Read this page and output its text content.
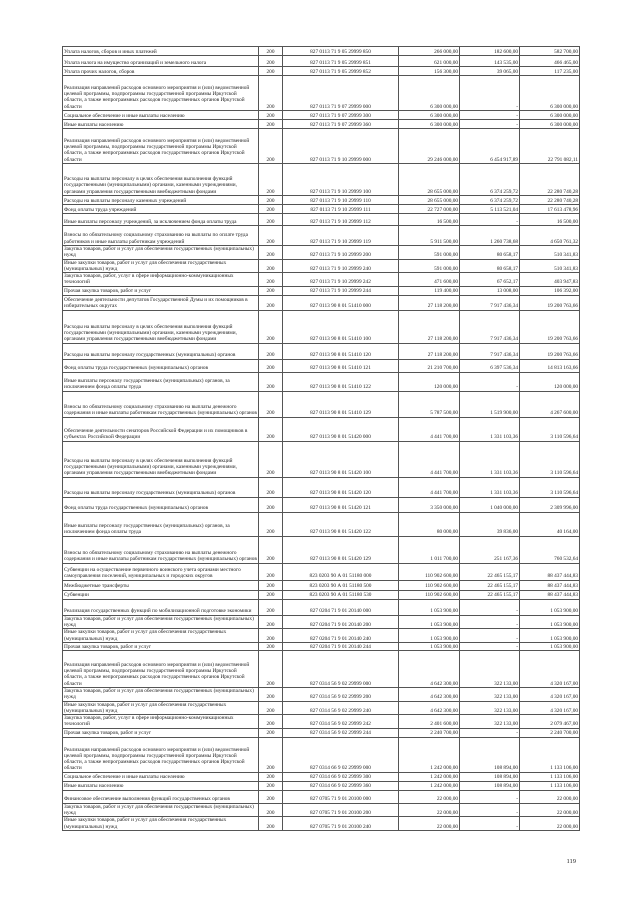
Уплата налогов, сборов и иных платежей	200	827 0113 71 9 05 29999 850	266 000,00	182 600,00	582 700,00
Уплата налога на имущество организаций и земельного налога	200	827 0113 71 9 05 29999 851	621 000,00	143 535,00	466 465,00
Уплата прочих налогов, сборов	200	827 0113 71 9 05 29999 852	156 300,00	39 065,00	117 235,00
Реализация направлений расходов основного мероприятия и (или) ведомственной целевой программы, подпрограммы государственной программы Иркутской области, а также непрограммных расходов государственных органов Иркутской области	200	827 0113 71 9 07 29999 000	6 300 000,00	-	6 300 000,00
Социальное обеспечение и иные выплаты населению	200	827 0113 71 9 07 29999 300	6 300 000,00	-	6 300 000,00
Иные выплаты населению	200	827 0113 71 9 07 29999 360	6 300 000,00	-	6 300 000,00
Реализация направлений расходов основного мероприятия и (или) ведомственной целевой программы, подпрограммы государственной программы Иркутской области, а также непрограммных расходов государственных органов Иркутской области	200	827 0113 71 9 10 29999 000	29 246 000,00	6 454 917,89	22 791 082,11
Расходы на выплаты персоналу в целях обеспечения выполнения функций государственными (муниципальными) органами, казенными учреждениями, органами управления государственными внебюджетными фондами	200	827 0113 71 9 10 29999 100	28 655 000,00	6 374 259,72	22 280 740,28
Расходы на выплаты персоналу казенных учреждений	200	827 0113 71 9 10 29999 110	28 655 000,00	6 374 259,72	22 280 740,28
Фонд оплаты труда учреждений	200	827 0113 71 9 10 29999 111	22 727 000,00	5 113 521,04	17 613 478,96
Иные выплаты персоналу учреждений, за исключением фонда оплаты труда	200	827 0113 71 9 10 29999 112	16 500,00	-	16 500,00
Взносы по обязательному социальному страхованию на выплаты по оплате труда работников и иные выплаты работникам учреждений	200	827 0113 71 9 10 29999 119	5 911 500,00	1 260 738,68	4 650 761,32
Закупка товаров, работ и услуг для обеспечения государственных (муниципальных) нужд	200	827 0113 71 9 10 29999 200	591 000,00	80 658,17	510 341,83
Иные закупки товаров, работ и услуг для обеспечения государственных (муниципальных) нужд	200	827 0113 71 9 10 29999 240	591 000,00	80 658,17	510 341,83
Закупка товаров, работ, услуг в сфере информационно-коммуникационных технологий	200	827 0113 71 9 10 29999 242	471 600,00	67 652,17	403 947,83
Прочая закупка товаров, работ и услуг	200	827 0113 71 9 10 29999 244	119 400,00	13 008,00	106 392,00
Обеспечение деятельности депутатов Государственной Думы и их помощников в избирательных округах	200	827 0113 90 8 01 51410 000	27 118 200,00	7 917 436,34	19 200 763,66
Расходы на выплаты персоналу в целях обеспечения выполнения функций государственными (муниципальными) органами, казенными учреждениями, органами управления государственными внебюджетными фондами	200	827 0113 90 8 01 51410 100	27 118 200,00	7 917 436,34	19 200 763,66
Расходы на выплаты персоналу государственных (муниципальных) органов	200	827 0113 90 8 01 51410 120	27 118 200,00	7 917 436,34	19 200 763,66
Фонд оплаты труда государственных (муниципальных) органов	200	827 0113 90 8 01 51410 121	21 210 700,00	6 397 536,34	14 813 163,66
Иные выплаты персоналу государственных (муниципальных) органов, за исключением фонда оплаты труда	200	827 0113 90 8 01 51410 122	120 000,00	-	120 000,00
Взносы по обязательному социальному страхованию на выплаты денежного содержания и иные выплаты работникам государственных (муниципальных) органов	200	827 0113 90 8 01 51410 129	5 787 500,00	1 519 900,00	4 267 600,00
Обеспечение деятельности сенаторов Российской Федерации и их помощников в субъектах Российской Федерации	200	827 0113 90 8 01 51420 000	4 441 700,00	1 331 103,36	3 110 596,64
Расходы на выплаты персоналу в целях обеспечения выполнения функций государственными (муниципальными) органами, казенными учреждениями, органами управления государственными внебюджетными фондами	200	827 0113 90 8 01 51420 100	4 441 700,00	1 331 103,36	3 110 596,64
Расходы на выплаты персоналу государственных (муниципальных) органов	200	827 0113 90 8 01 51420 120	4 441 700,00	1 331 103,36	3 110 596,64
Фонд оплаты труда государственных (муниципальных) органов	200	827 0113 90 8 01 51420 121	3 350 000,00	1 040 000,00	2 309 996,00
Иные выплаты персоналу государственных (муниципальных) органов, за исключением фонда оплаты труда	200	827 0113 90 8 01 51420 122	80 000,00	39 836,00	40 164,00
Взносы по обязательному социальному страхованию на выплаты денежного содержания и иные выплаты работникам государственных (муниципальных) органов	200	827 0113 90 8 01 51420 129	1 011 700,00	251 167,36	760 532,64
Субвенции на осуществление первичного воинского учета органами местного самоуправления поселений, муниципальных и городских округов	200	823 0203 90 А 01 51180 000	110 902 600,00	22 465 155,17	88 437 444,83
Межбюджетные трансферты	200	823 0203 90 А 01 51180 500	110 902 600,00	22 465 155,17	88 437 444,83
Субвенции	200	823 0203 90 А 01 51180 530	110 902 600,00	22 465 155,17	88 437 444,83
Реализация государственных функций по мобилизационной подготовке экономики	200	827 0204 71 9 01 20140 000	1 053 900,00	-	1 053 900,00
Закупка товаров, работ и услуг для обеспечения государственных (муниципальных) нужд	200	827 0204 71 9 01 20140 200	1 053 900,00	-	1 053 900,00
Иные закупки товаров, работ и услуг для обеспечения государственных (муниципальных) нужд	200	827 0204 71 9 01 20140 240	1 053 900,00	-	1 053 900,00
Прочая закупка товаров, работ и услуг	200	827 0204 71 9 01 20140 244	1 053 900,00	-	1 053 900,00
Реализация направлений расходов основного мероприятия и (или) ведомственной целевой программы, подпрограммы государственной программы Иркутской области, а также непрограммных расходов государственных органов Иркутской области	200	827 0314 56 9 02 29999 000	4 642 300,00	322 133,00	4 320 167,00
Закупка товаров, работ и услуг для обеспечения государственных (муниципальных) нужд	200	827 0314 56 9 02 29999 200	4 642 300,00	322 133,00	4 320 167,00
Иные закупки товаров, работ и услуг для обеспечения государственных (муниципальных) нужд	200	827 0314 56 9 02 29999 240	4 642 300,00	322 133,00	4 320 167,00
Закупка товаров, работ, услуг в сфере информационно-коммуникационных технологий	200	827 0314 56 9 02 29999 242	2 401 600,00	322 133,00	2 079 467,00
Прочая закупка товаров, работ и услуг	200	827 0314 56 9 02 29999 244	2 240 700,00	-	2 240 700,00
Реализация направлений расходов основного мероприятия и (или) ведомственной целевой программы, подпрограммы государственной программы Иркутской области, а также непрограммных расходов государственных органов Иркутской области	200	827 0314 66 9 02 29999 000	1 242 000,00	108 894,00	1 133 106,00
Социальное обеспечение и иные выплаты населению	200	827 0314 66 9 02 29999 300	1 242 000,00	108 894,00	1 133 106,00
Иные выплаты населению	200	827 0314 66 9 02 29999 360	1 242 000,00	108 894,00	1 133 106,00
Финансовое обеспечение выполнения функций государственных органов	200	827 0705 71 9 01 20100 000	22 000,00	-	22 000,00
Закупка товаров, работ и услуг для обеспечения государственных (муниципальных) нужд	200	827 0705 71 9 01 20100 200	22 000,00	-	22 000,00
Иные закупки товаров, работ и услуг для обеспечения государственных (муниципальных) нужд	200	827 0705 71 9 01 20100 240	22 000,00	-	22 000,00
119
